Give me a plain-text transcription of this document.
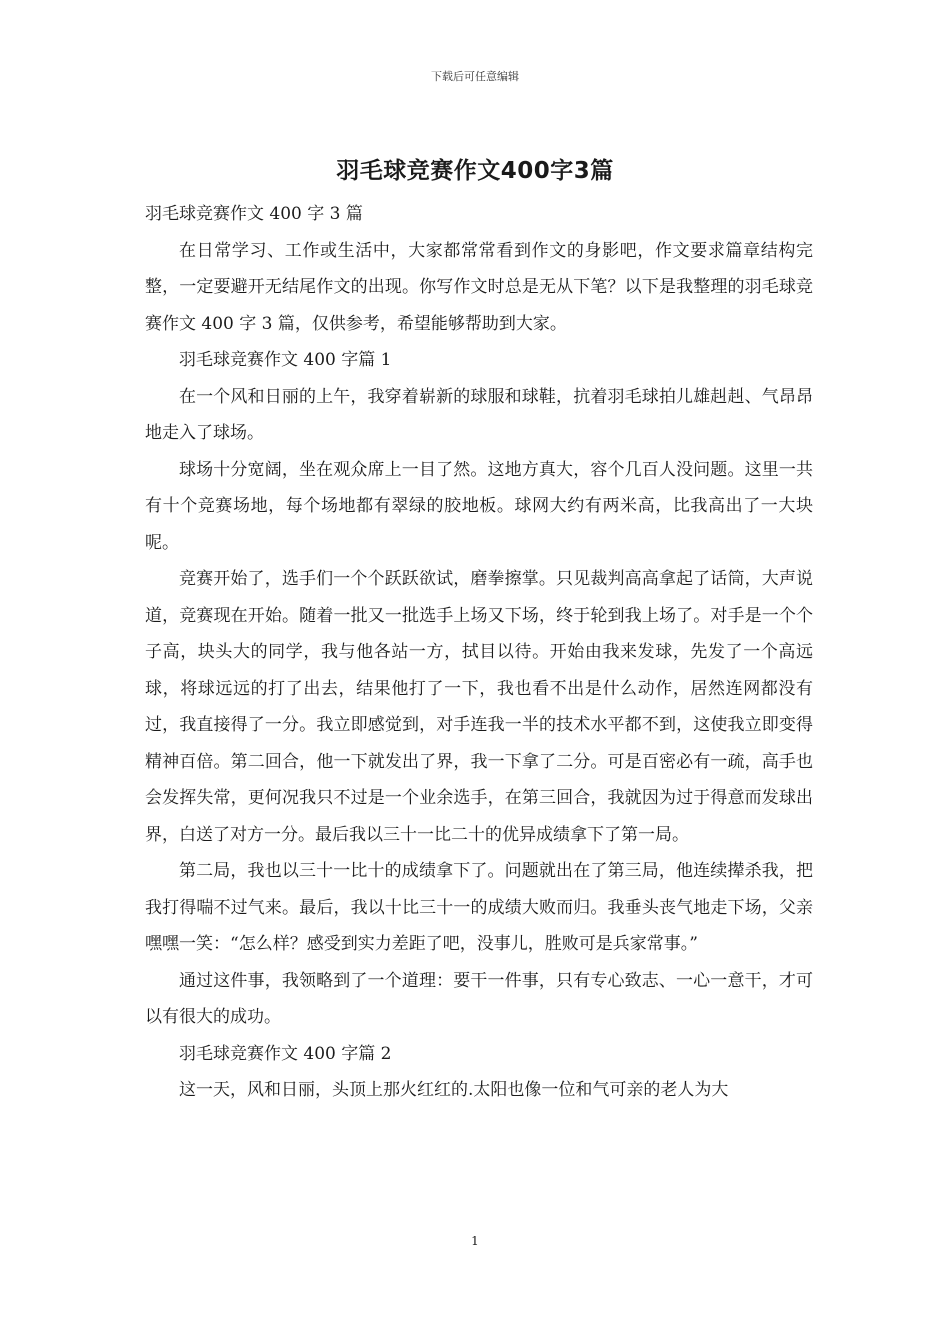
下载后可任意编辑
羽毛球竞赛作文400字3篇

羽毛球竞赛作文 400 字 3 篇

在日常学习、工作或生活中，大家都常常看到作文的身影吧，作文要求篇章结构完整，一定要避开无结尾作文的出现。你写作文时总是无从下笔？以下是我整理的羽毛球竞赛作文 400 字 3 篇，仅供参考，希望能够帮助到大家。

羽毛球竞赛作文 400 字篇 1

在一个风和日丽的上午，我穿着崭新的球服和球鞋，抗着羽毛球拍儿雄赳赳、气昂昂地走入了球场。

球场十分宽阔，坐在观众席上一目了然。这地方真大，容个几百人没问题。这里一共有十个竞赛场地，每个场地都有翠绿的胶地板。球网大约有两米高，比我高出了一大块呢。

竞赛开始了，选手们一个个跃跃欲试，磨拳擦掌。只见裁判高高拿起了话筒，大声说道，竞赛现在开始。随着一批又一批选手上场又下场，终于轮到我上场了。对手是一个个子高，块头大的同学，我与他各站一方，拭目以待。开始由我来发球，先发了一个高远球，将球远远的打了出去，结果他打了一下，我也看不出是什么动作，居然连网都没有过，我直接得了一分。我立即感觉到，对手连我一半的技术水平都不到，这使我立即变得精神百倍。第二回合，他一下就发出了界，我一下拿了二分。可是百密必有一疏，高手也会发挥失常，更何况我只不过是一个业余选手，在第三回合，我就因为过于得意而发球出界，白送了对方一分。最后我以三十一比二十的优异成绩拿下了第一局。

第二局，我也以三十一比十的成绩拿下了。问题就出在了第三局，他连续撵杀我，把我打得喘不过气来。最后，我以十比三十一的成绩大败而归。我垂头丧气地走下场，父亲嘿嘿一笑：“怎么样？感受到实力差距了吧，没事儿，胜败可是兵家常事。”

通过这件事，我领略到了一个道理：要干一件事，只有专心致志、一心一意干，才可以有很大的成功。

羽毛球竞赛作文 400 字篇 2

这一天，风和日丽，头顶上那火红红的.太阳也像一位和气可亲的老人为大

1
